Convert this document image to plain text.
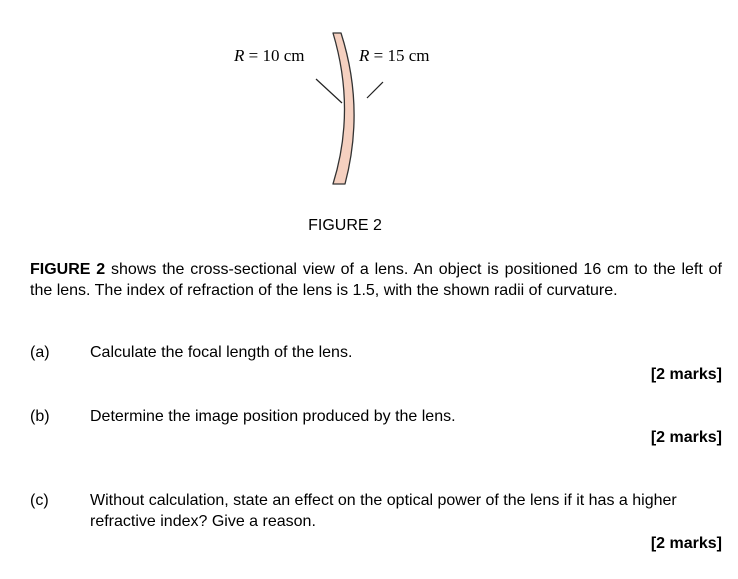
R = 10 cm	R = 15 cm
FIGURE 2
FIGURE 2 shows the cross-sectional view of a lens. An object is positioned 16 cm to the left of the lens. The index of refraction of the lens is 1.5, with the shown radii of curvature.
(a)	Calculate the focal length of the lens.
[2 marks]
(b)	Determine the image position produced by the lens.
[2 marks]
(c)	Without calculation, state an effect on the optical power of the lens if it has a higher refractive index? Give a reason.
[2 marks]
